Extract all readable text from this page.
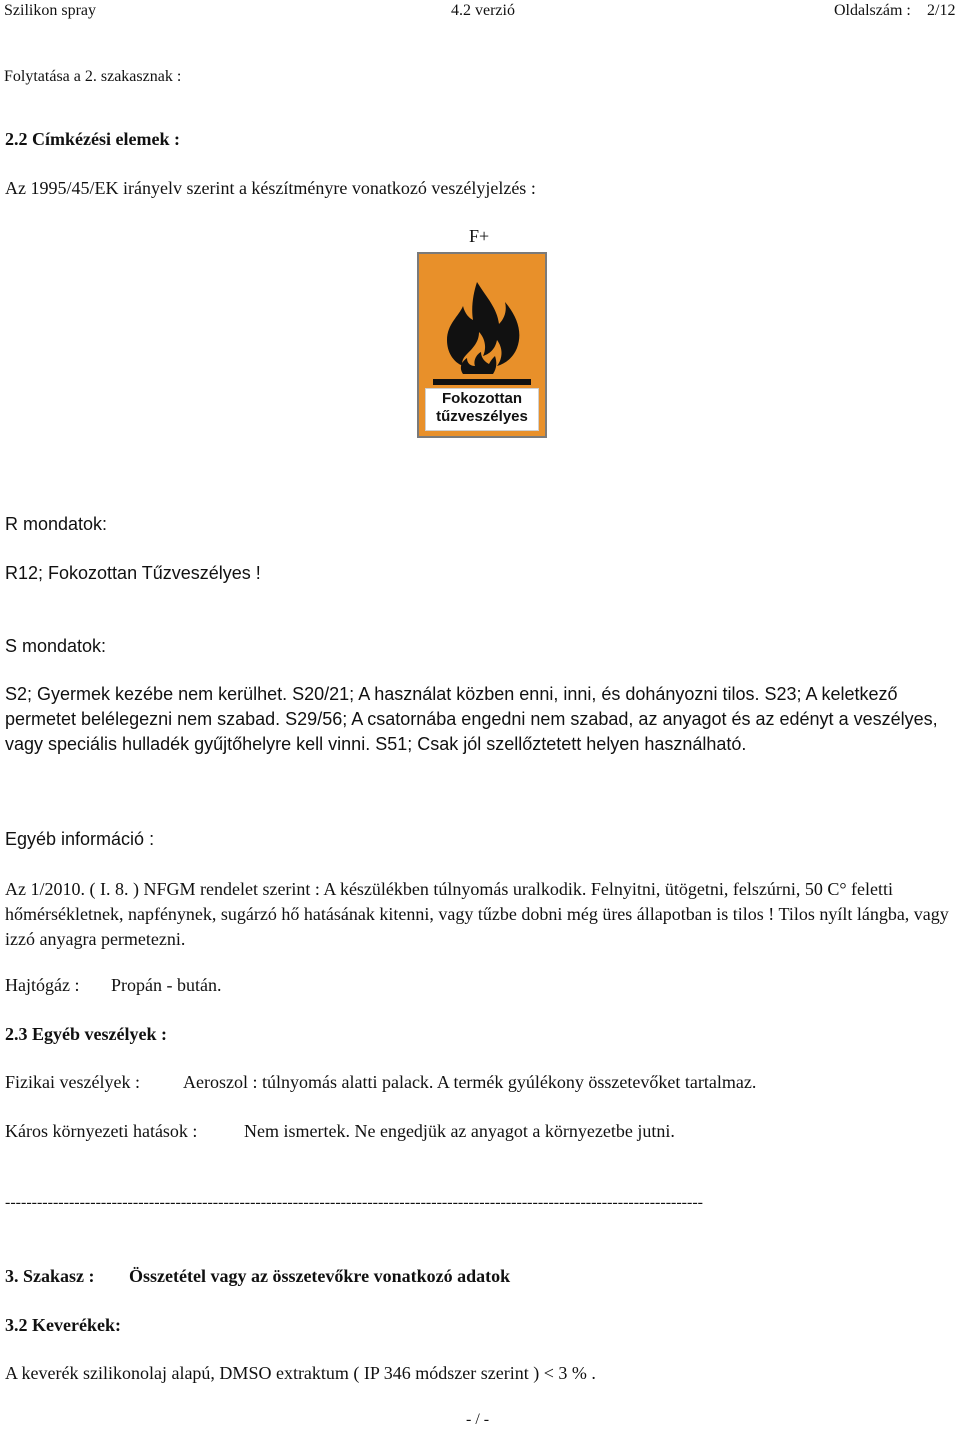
Szilikon spray	4.2 verzió	Oldalszám : 2/12
Folytatása a 2. szakasznak :
2.2 Címkézési elemek :
Az 1995/45/EK irányelv szerint a készítményre vonatkozó veszélyjelzés :
F+
Fokozottan
tűzveszélyes
R mondatok:
R12; Fokozottan Tűzveszélyes !
S mondatok:
S2; Gyermek kezébe nem kerülhet. S20/21; A használat közben enni, inni, és dohányozni tilos. S23; A keletkező permetet belélegezni nem szabad. S29/56; A csatornába engedni nem szabad, az anyagot és az edényt a veszélyes, vagy speciális hulladék gyűjtőhelyre kell vinni. S51; Csak jól szellőztetett helyen használható.
Egyéb információ :
Az 1/2010. ( I. 8. ) NFGM rendelet szerint : A készülékben túlnyomás uralkodik. Felnyitni, ütögetni, felszúrni, 50 C° feletti hőmérsékletnek, napfénynek, sugárzó hő hatásának kitenni, vagy tűzbe dobni még üres állapotban is tilos ! Tilos nyílt lángba, vagy izzó anyagra permetezni.
Hajtógáz : Propán - bután.
2.3 Egyéb veszélyek :
Fizikai veszélyek : Aeroszol : túlnyomás alatti palack. A termék gyúlékony összetevőket tartalmaz.
Káros környezeti hatások :	Nem ismertek. Ne engedjük az anyagot a környezetbe jutni.
-----------------------------------------------------------------------------------------------------------------------------------
3. Szakasz : Összetétel vagy az összetevőkre vonatkozó adatok
3.2 Keverékek:
A keverék szilikonolaj alapú, DMSO extraktum ( IP 346 módszer szerint ) < 3 % .
- / -
